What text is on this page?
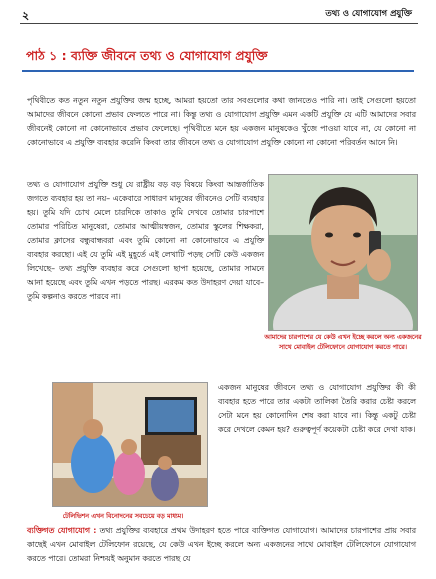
২	তথ্য ও যোগাযোগ প্রযুক্তি
পাঠ ১ : ব্যক্তি জীবনে তথ্য ও যোগাযোগ প্রযুক্তি

পৃথিবীতে কত নতুন নতুন প্রযুক্তির জন্ম হচ্ছে, আমরা হয়তো তার সবগুলোর কথা জানতেও পারি না। তাই সেগুলো হয়তো আমাদের জীবনে কোনো প্রভাব ফেলতে পারে না। কিন্তু তথ্য ও যোগাযোগ প্রযুক্তি এমন একটি প্রযুক্তি যে এটি আমাদের সবার জীবনেই কোনো না কোনোভাবে প্রভাব ফেলেছে। পৃথিবীতে মনে হয় একজন মানুষকেও খুঁজে পাওয়া যাবে না, যে কোনো না কোনোভাবে এ প্রযুক্তি ব্যবহার করেনি কিংবা তার জীবনে তথ্য ও যোগাযোগ প্রযুক্তি কোনো না কোনো পরিবর্তন আনে নি।

তথ্য ও যোগাযোগ প্রযুক্তি শুধু যে রাষ্ট্রীয় বড় বড় বিষয়ে কিংবা আন্তর্জাতিক জগতে ব্যবহার হয় তা নয়– একেবারে সাধারণ মানুষের জীবনেও সেটি ব্যবহার হয়। তুমি যদি চোখ মেলে চারদিকে তাকাও তুমি দেখবে তোমার চারপাশে তোমার পরিচিত মানুষেরা, তোমার আত্মীয়স্বজন, তোমার স্কুলের শিক্ষকরা, তোমার ক্লাসের বন্ধুবান্ধবরা এবং তুমি কোনো না কোনোভাবে এ প্রযুক্তি ব্যবহার করছো। এই যে তুমি এই মুহূর্তে এই লেখাটি পড়ছ সেটি কেউ একজন লিখেছে– তথ্য প্রযুক্তি ব্যবহার করে সেগুলো ছাপা হয়েছে, তোমার সামনে আনা হয়েছে এবং তুমি এখন পড়তে পারছ। এরকম কত উদাহরণ দেয়া যাবে– তুমি কল্পনাও করতে পারবে না।

আমাদের চারপাশের যে কেউ এখন ইচ্ছে করলে অন্য একজনের সাথে মোবাইল টেলিফোনে যোগাযোগ করতে পারে।

টেলিভিশন এখন বিনোদনের সবচেয়ে বড় মাধ্যম।

একজন মানুষের জীবনে তথ্য ও যোগাযোগ প্রযুক্তির কী কী ব্যবহার হতে পারে তার একটা তালিকা তৈরি করার চেষ্টা করলে সেটা মনে হয় কোনোদিন শেষ করা যাবে না। কিন্তু একটু চেষ্টা করে দেখলে কেমন হয়? গুরুত্বপূর্ণ কয়েকটা চেষ্টা করে দেখা যাক।

ব্যক্তিগত যোগাযোগ : তথ্য প্রযুক্তির ব্যবহারে প্রথম উদাহরণ হতে পারে ব্যক্তিগত যোগাযোগ। আমাদের চারপাশের প্রায় সবার কাছেই এখন মোবাইল টেলিফোন রয়েছে, যে কেউ এখন ইচ্ছে করলে অন্য একজনের সাথে মোবাইল টেলিফোনে যোগাযোগ করতে পারে। তোমরা নিশ্চয়ই অনুমান করতে পারছ যে
